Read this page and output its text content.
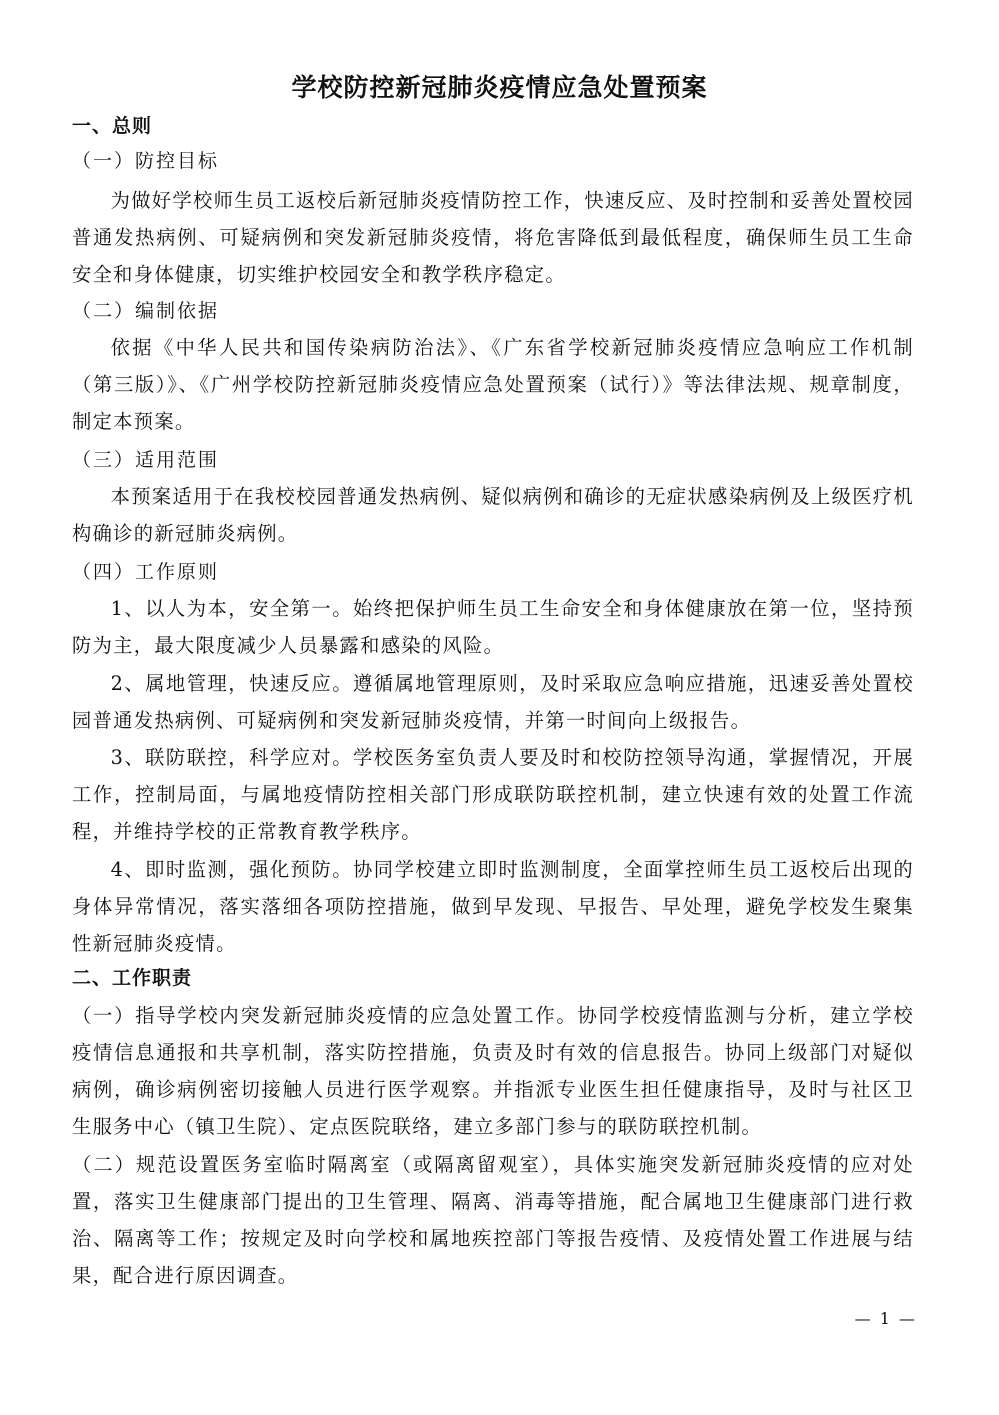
学校防控新冠肺炎疫情应急处置预案
一、总则
（一）防控目标

为做好学校师生员工返校后新冠肺炎疫情防控工作，快速反应、及时控制和妥善处置校园普通发热病例、可疑病例和突发新冠肺炎疫情，将危害降低到最低程度，确保师生员工生命安全和身体健康，切实维护校园安全和教学秩序稳定。

（二）编制依据

依据《中华人民共和国传染病防治法》、《广东省学校新冠肺炎疫情应急响应工作机制（第三版）》、《广州学校防控新冠肺炎疫情应急处置预案（试行）》等法律法规、规章制度，制定本预案。

（三）适用范围

本预案适用于在我校校园普通发热病例、疑似病例和确诊的无症状感染病例及上级医疗机构确诊的新冠肺炎病例。

（四）工作原则

1、以人为本，安全第一。始终把保护师生员工生命安全和身体健康放在第一位，坚持预防为主，最大限度减少人员暴露和感染的风险。

2、属地管理，快速反应。遵循属地管理原则，及时采取应急响应措施，迅速妥善处置校园普通发热病例、可疑病例和突发新冠肺炎疫情，并第一时间向上级报告。

3、联防联控，科学应对。学校医务室负责人要及时和校防控领导沟通，掌握情况，开展工作，控制局面，与属地疫情防控相关部门形成联防联控机制，建立快速有效的处置工作流程，并维持学校的正常教育教学秩序。

4、即时监测，强化预防。协同学校建立即时监测制度，全面掌控师生员工返校后出现的身体异常情况，落实落细各项防控措施，做到早发现、早报告、早处理，避免学校发生聚集性新冠肺炎疫情。

二、工作职责

（一）指导学校内突发新冠肺炎疫情的应急处置工作。协同学校疫情监测与分析，建立学校疫情信息通报和共享机制，落实防控措施，负责及时有效的信息报告。协同上级部门对疑似病例，确诊病例密切接触人员进行医学观察。并指派专业医生担任健康指导，及时与社区卫生服务中心（镇卫生院）、定点医院联络，建立多部门参与的联防联控机制。

（二）规范设置医务室临时隔离室（或隔离留观室），具体实施突发新冠肺炎疫情的应对处置，落实卫生健康部门提出的卫生管理、隔离、消毒等措施，配合属地卫生健康部门进行救治、隔离等工作；按规定及时向学校和属地疾控部门等报告疫情、及疫情处置工作进展与结果，配合进行原因调查。

— 1 —
